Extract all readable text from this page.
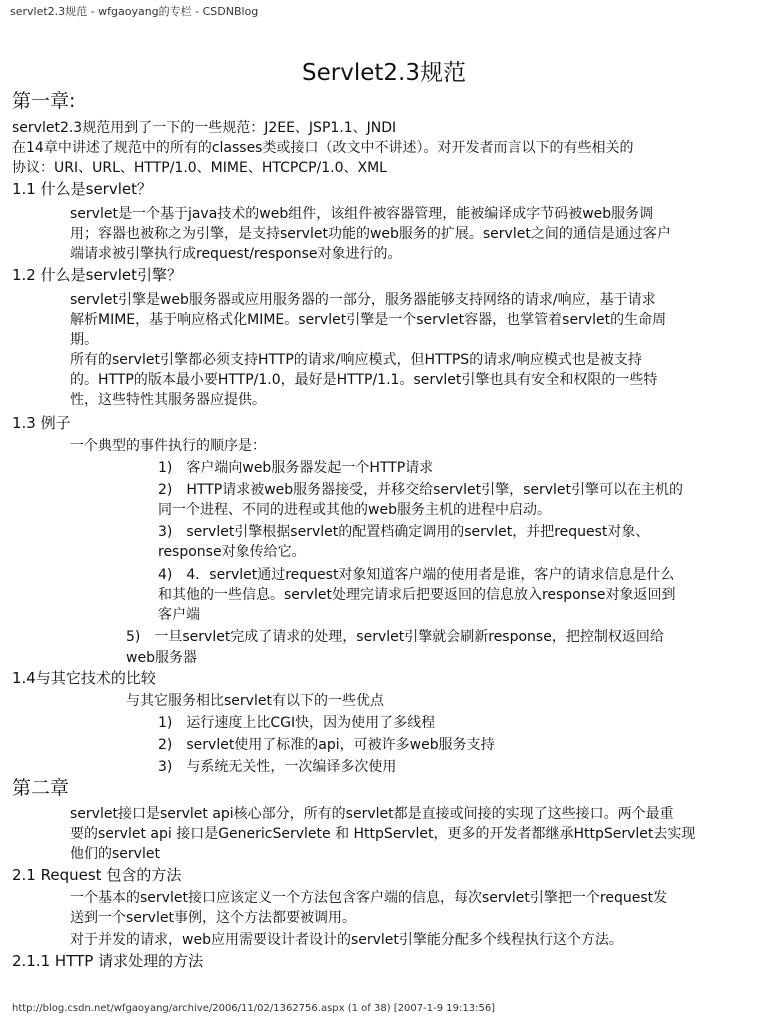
servlet2.3规范 - wfgaoyang的专栏 - CSDNBlog
Servlet2.3规范
第一章:
servlet2.3规范用到了一下的一些规范：J2EE、JSP1.1、JNDI
在14章中讲述了规范中的所有的classes类或接口（改文中不讲述）。对开发者而言以下的有些相关的
协议：URI、URL、HTTP/1.0、MIME、HTCPCP/1.0、XML
1.1 什么是servlet？
servlet是一个基于java技术的web组件，该组件被容器管理，能被编译成字节码被web服务调
用；容器也被称之为引擎，是支持servlet功能的web服务的扩展。servlet之间的通信是通过客户
端请求被引擎执行成request/response对象进行的。
1.2 什么是servlet引擎？
servlet引擎是web服务器或应用服务器的一部分，服务器能够支持网络的请求/响应，基于请求
解析MIME，基于响应格式化MIME。servlet引擎是一个servlet容器，也掌管着servlet的生命周
期。
所有的servlet引擎都必须支持HTTP的请求/响应模式，但HTTPS的请求/响应模式也是被支持
的。HTTP的版本最小要HTTP/1.0，最好是HTTP/1.1。servlet引擎也具有安全和权限的一些特
性，这些特性其服务器应提供。
1.3 例子
一个典型的事件执行的顺序是：
1)　客户端向web服务器发起一个HTTP请求
2)　HTTP请求被web服务器接受，并移交给servlet引擎，servlet引擎可以在主机的
同一个进程、不同的进程或其他的web服务主机的进程中启动。
3)　servlet引擎根据servlet的配置档确定调用的servlet，并把request对象、
response对象传给它。
4)　4．servlet通过request对象知道客户端的使用者是谁，客户的请求信息是什么
和其他的一些信息。servlet处理完请求后把要返回的信息放入response对象返回到
客户端
5)　一旦servlet完成了请求的处理，servlet引擎就会刷新response，把控制权返回给
web服务器
1.4与其它技术的比较
与其它服务相比servlet有以下的一些优点
1)　运行速度上比CGI快，因为使用了多线程
2)　servlet使用了标准的api，可被许多web服务支持
3)　与系统无关性，一次编译多次使用
第二章
servlet接口是servlet api核心部分，所有的servlet都是直接或间接的实现了这些接口。两个最重
要的servlet api 接口是GenericServlete 和 HttpServlet，更多的开发者都继承HttpServlet去实现
他们的servlet
2.1 Request 包含的方法
一个基本的servlet接口应该定义一个方法包含客户端的信息，每次servlet引擎把一个request发
送到一个servlet事例，这个方法都要被调用。
对于并发的请求，web应用需要设计者设计的servlet引擎能分配多个线程执行这个方法。
2.1.1 HTTP 请求处理的方法
http://blog.csdn.net/wfgaoyang/archive/2006/11/02/1362756.aspx (1 of 38) [2007-1-9 19:13:56]
